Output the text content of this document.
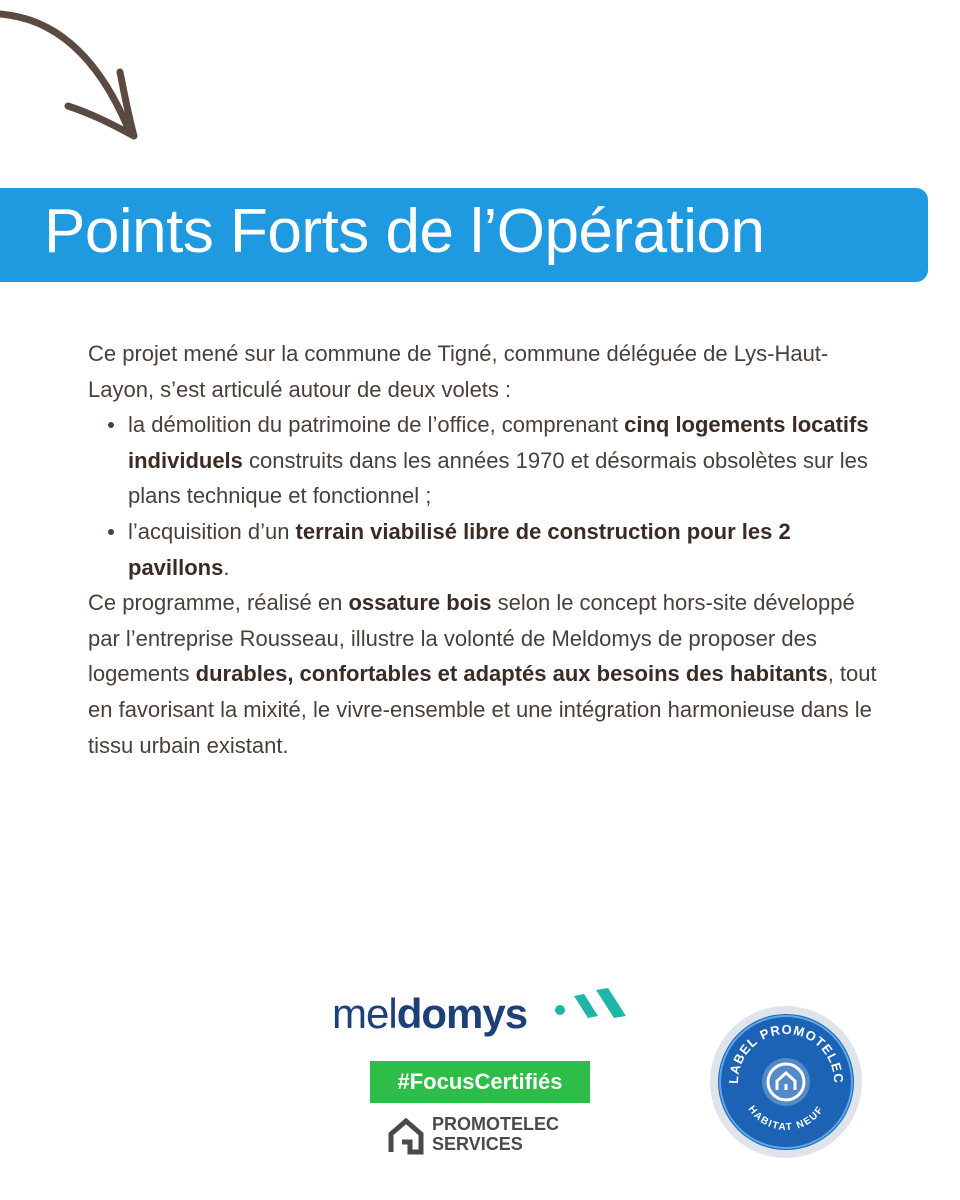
Points Forts de l’Opération

Ce projet mené sur la commune de Tigné, commune déléguée de Lys-Haut-Layon, s’est articulé autour de deux volets :

la démolition du patrimoine de l’office, comprenant cinq logements locatifs individuels construits dans les années 1970 et désormais obsolètes sur les plans technique et fonctionnel ;
l’acquisition d’un terrain viabilisé libre de construction pour les 2 pavillons.

Ce programme, réalisé en ossature bois selon le concept hors-site développé par l’entreprise Rousseau, illustre la volonté de Meldomys de proposer des logements durables, confortables et adaptés aux besoins des habitants, tout en favorisant la mixité, le vivre-ensemble et une intégration harmonieuse dans le tissu urbain existant.

meldomys
#FocusCertifiés
PROMOTELEC
SERVICES
LABEL PROMOTELEC
HABITAT NEUF
